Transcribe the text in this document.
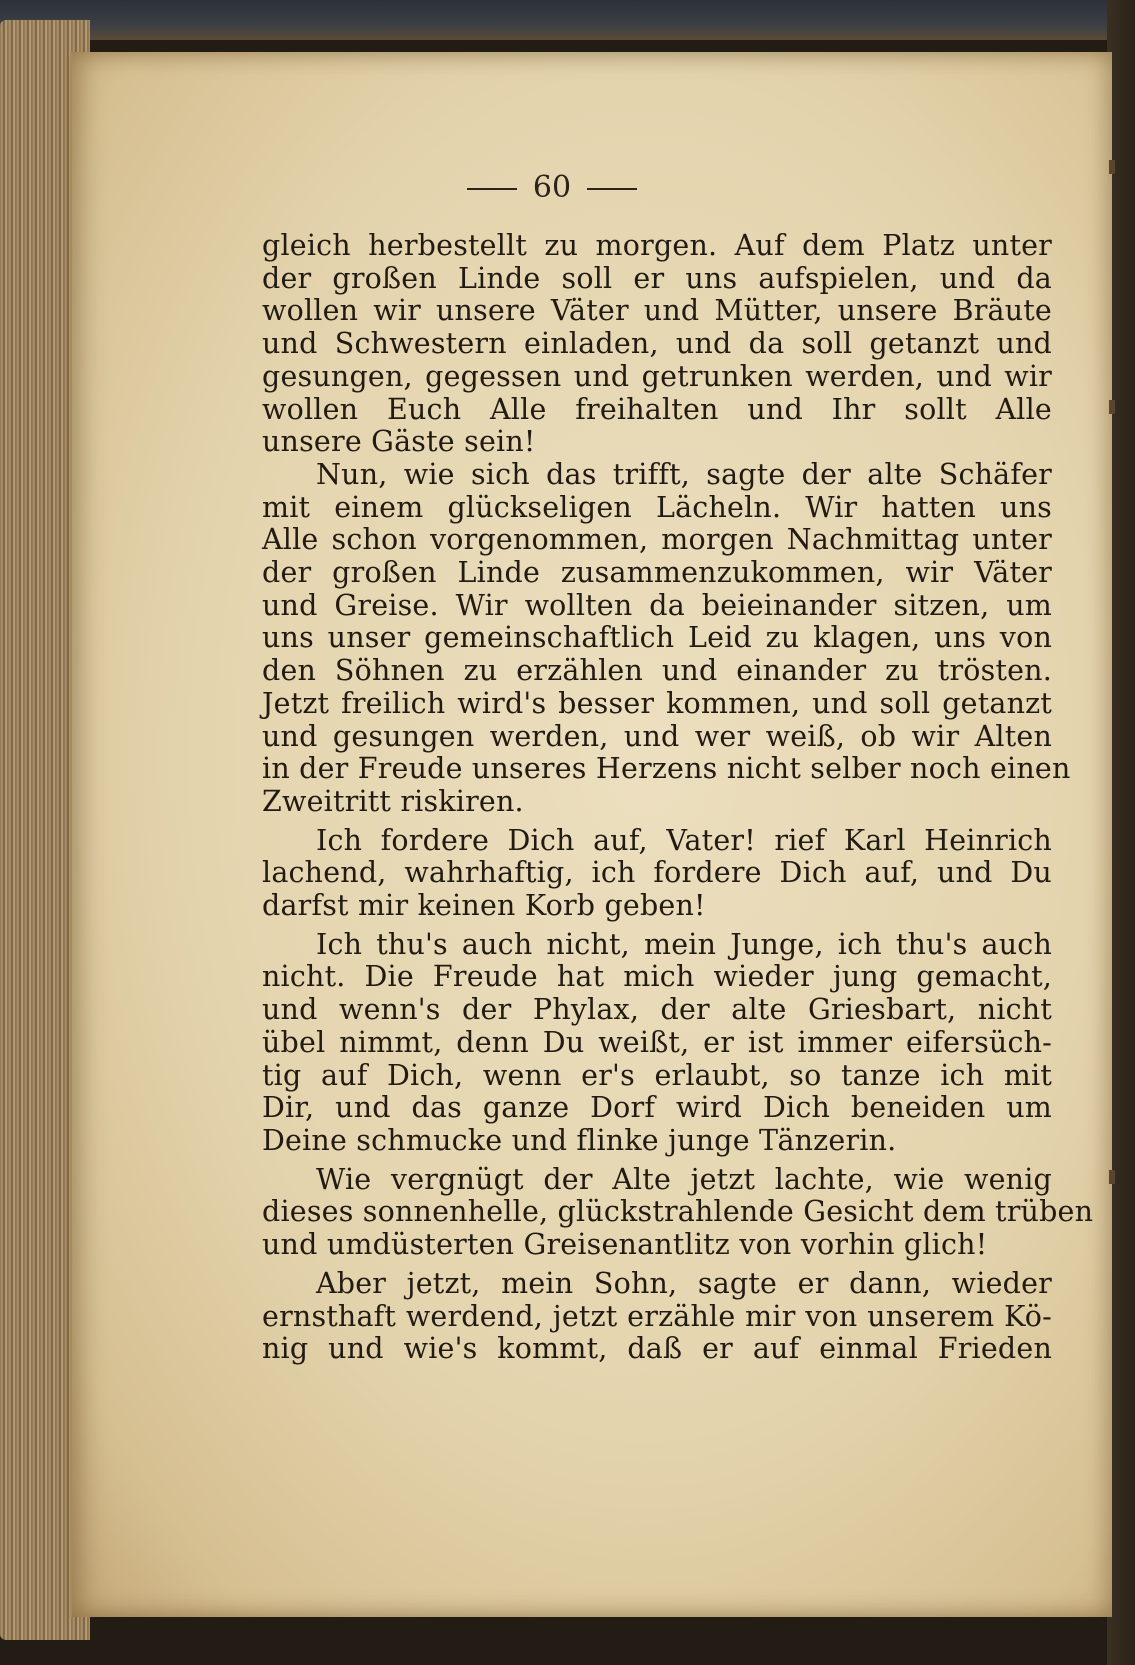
60

gleich herbestellt zu morgen. Auf dem Platz unter
der großen Linde soll er uns aufspielen, und da
wollen wir unsere Väter und Mütter, unsere Bräute
und Schwestern einladen, und da soll getanzt und
gesungen, gegessen und getrunken werden, und wir
wollen Euch Alle freihalten und Ihr sollt Alle
unsere Gäste sein!

Nun, wie sich das trifft, sagte der alte Schäfer
mit einem glückseligen Lächeln. Wir hatten uns
Alle schon vorgenommen, morgen Nachmittag unter
der großen Linde zusammenzukommen, wir Väter
und Greise. Wir wollten da beieinander sitzen, um
uns unser gemeinschaftlich Leid zu klagen, uns von
den Söhnen zu erzählen und einander zu trösten.
Jetzt freilich wird's besser kommen, und soll getanzt
und gesungen werden, und wer weiß, ob wir Alten
in der Freude unseres Herzens nicht selber noch einen
Zweitritt riskiren.

Ich fordere Dich auf, Vater! rief Karl Heinrich
lachend, wahrhaftig, ich fordere Dich auf, und Du
darfst mir keinen Korb geben!

Ich thu's auch nicht, mein Junge, ich thu's auch
nicht. Die Freude hat mich wieder jung gemacht,
und wenn's der Phylax, der alte Griesbart, nicht
übel nimmt, denn Du weißt, er ist immer eifersüch-
tig auf Dich, wenn er's erlaubt, so tanze ich mit
Dir, und das ganze Dorf wird Dich beneiden um
Deine schmucke und flinke junge Tänzerin.

Wie vergnügt der Alte jetzt lachte, wie wenig
dieses sonnenhelle, glückstrahlende Gesicht dem trüben
und umdüsterten Greisenantlitz von vorhin glich!

Aber jetzt, mein Sohn, sagte er dann, wieder
ernsthaft werdend, jetzt erzähle mir von unserem Kö-
nig und wie's kommt, daß er auf einmal Frieden
